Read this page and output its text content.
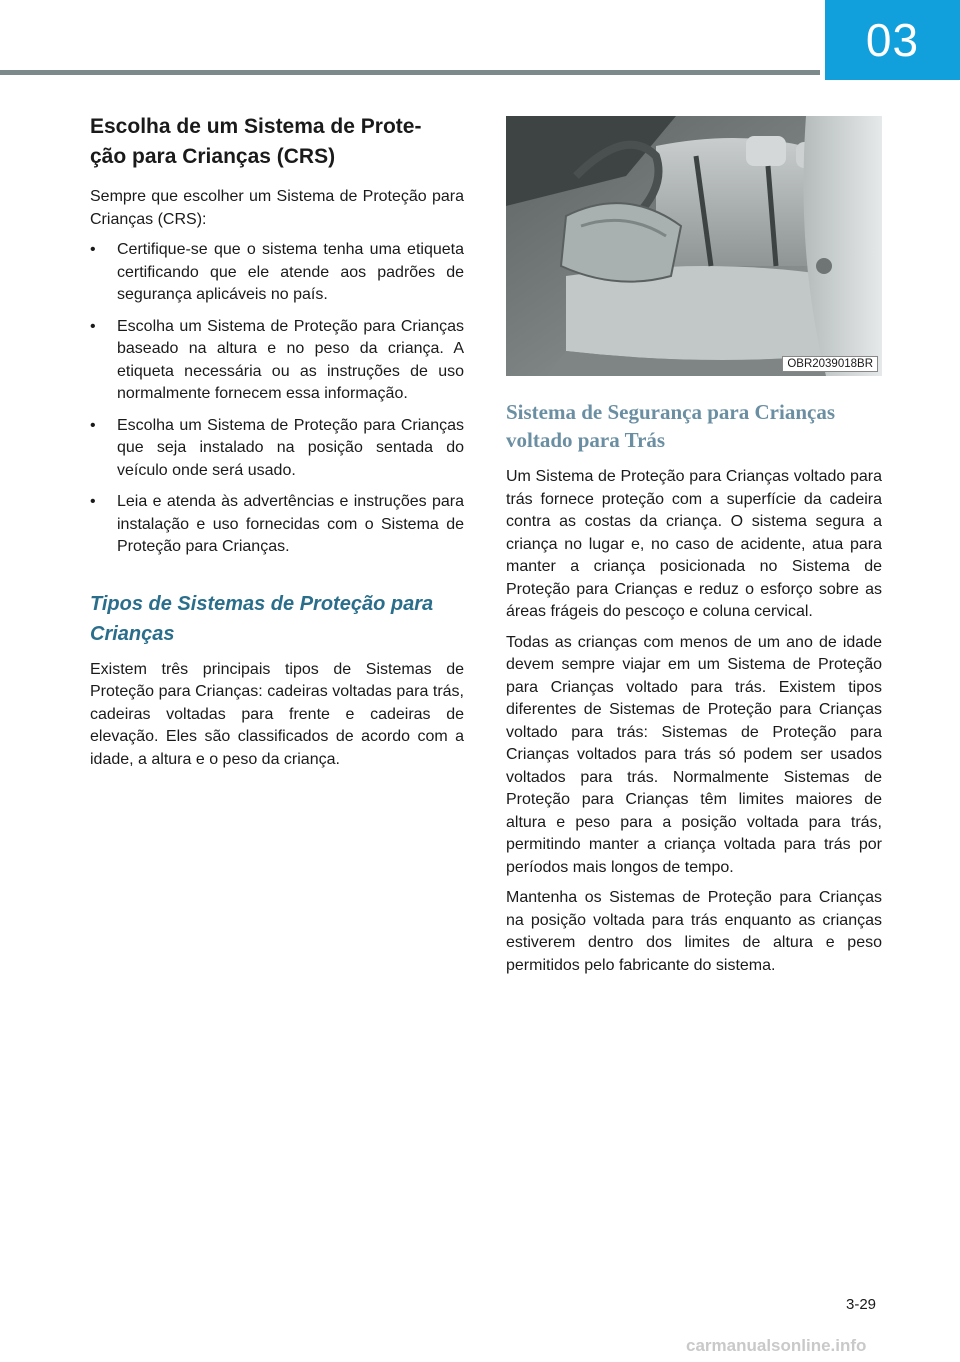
03
Escolha de um Sistema de Prote-
ção para Crianças (CRS)

Sempre que escolher um Sistema de Proteção para Crianças (CRS):

• Certifique-se que o sistema tenha uma etiqueta certificando que ele atende aos padrões de segurança aplicáveis no país.
• Escolha um Sistema de Proteção para Crianças baseado na altura e no peso da criança. A etiqueta necessária ou as instruções de uso normalmente fornecem essa informação.
• Escolha um Sistema de Proteção para Crianças que seja instalado na posição sentada do veículo onde será usado.
• Leia e atenda às advertências e instruções para instalação e uso fornecidas com o Sistema de Proteção para Crianças.
Tipos de Sistemas de Proteção para
Crianças

Existem três principais tipos de Sistemas de Proteção para Crianças: cadeiras voltadas para trás, cadeiras voltadas para frente e cadeiras de elevação. Eles são classificados de acordo com a idade, a altura e o peso da criança.

OBR2039018BR
Sistema de Segurança para Crianças
voltado para Trás

Um Sistema de Proteção para Crianças voltado para trás fornece proteção com a superfície da cadeira contra as costas da criança. O sistema segura a criança no lugar e, no caso de acidente, atua para manter a criança posicionada no Sistema de Proteção para Crianças e reduz o esforço sobre as áreas frágeis do pescoço e coluna cervical.

Todas as crianças com menos de um ano de idade devem sempre viajar em um Sistema de Proteção para Crianças voltado para trás. Existem tipos diferentes de Sistemas de Proteção para Crianças voltado para trás: Sistemas de Proteção para Crianças voltados para trás só podem ser usados voltados para trás. Normalmente Sistemas de Proteção para Crianças têm limites maiores de altura e peso para a posição voltada para trás, permitindo manter a criança voltada para trás por períodos mais longos de tempo.

Mantenha os Sistemas de Proteção para Crianças na posição voltada para trás enquanto as crianças estiverem dentro dos limites de altura e peso permitidos pelo fabricante do sistema.

3-29
carmanualsonline.info
